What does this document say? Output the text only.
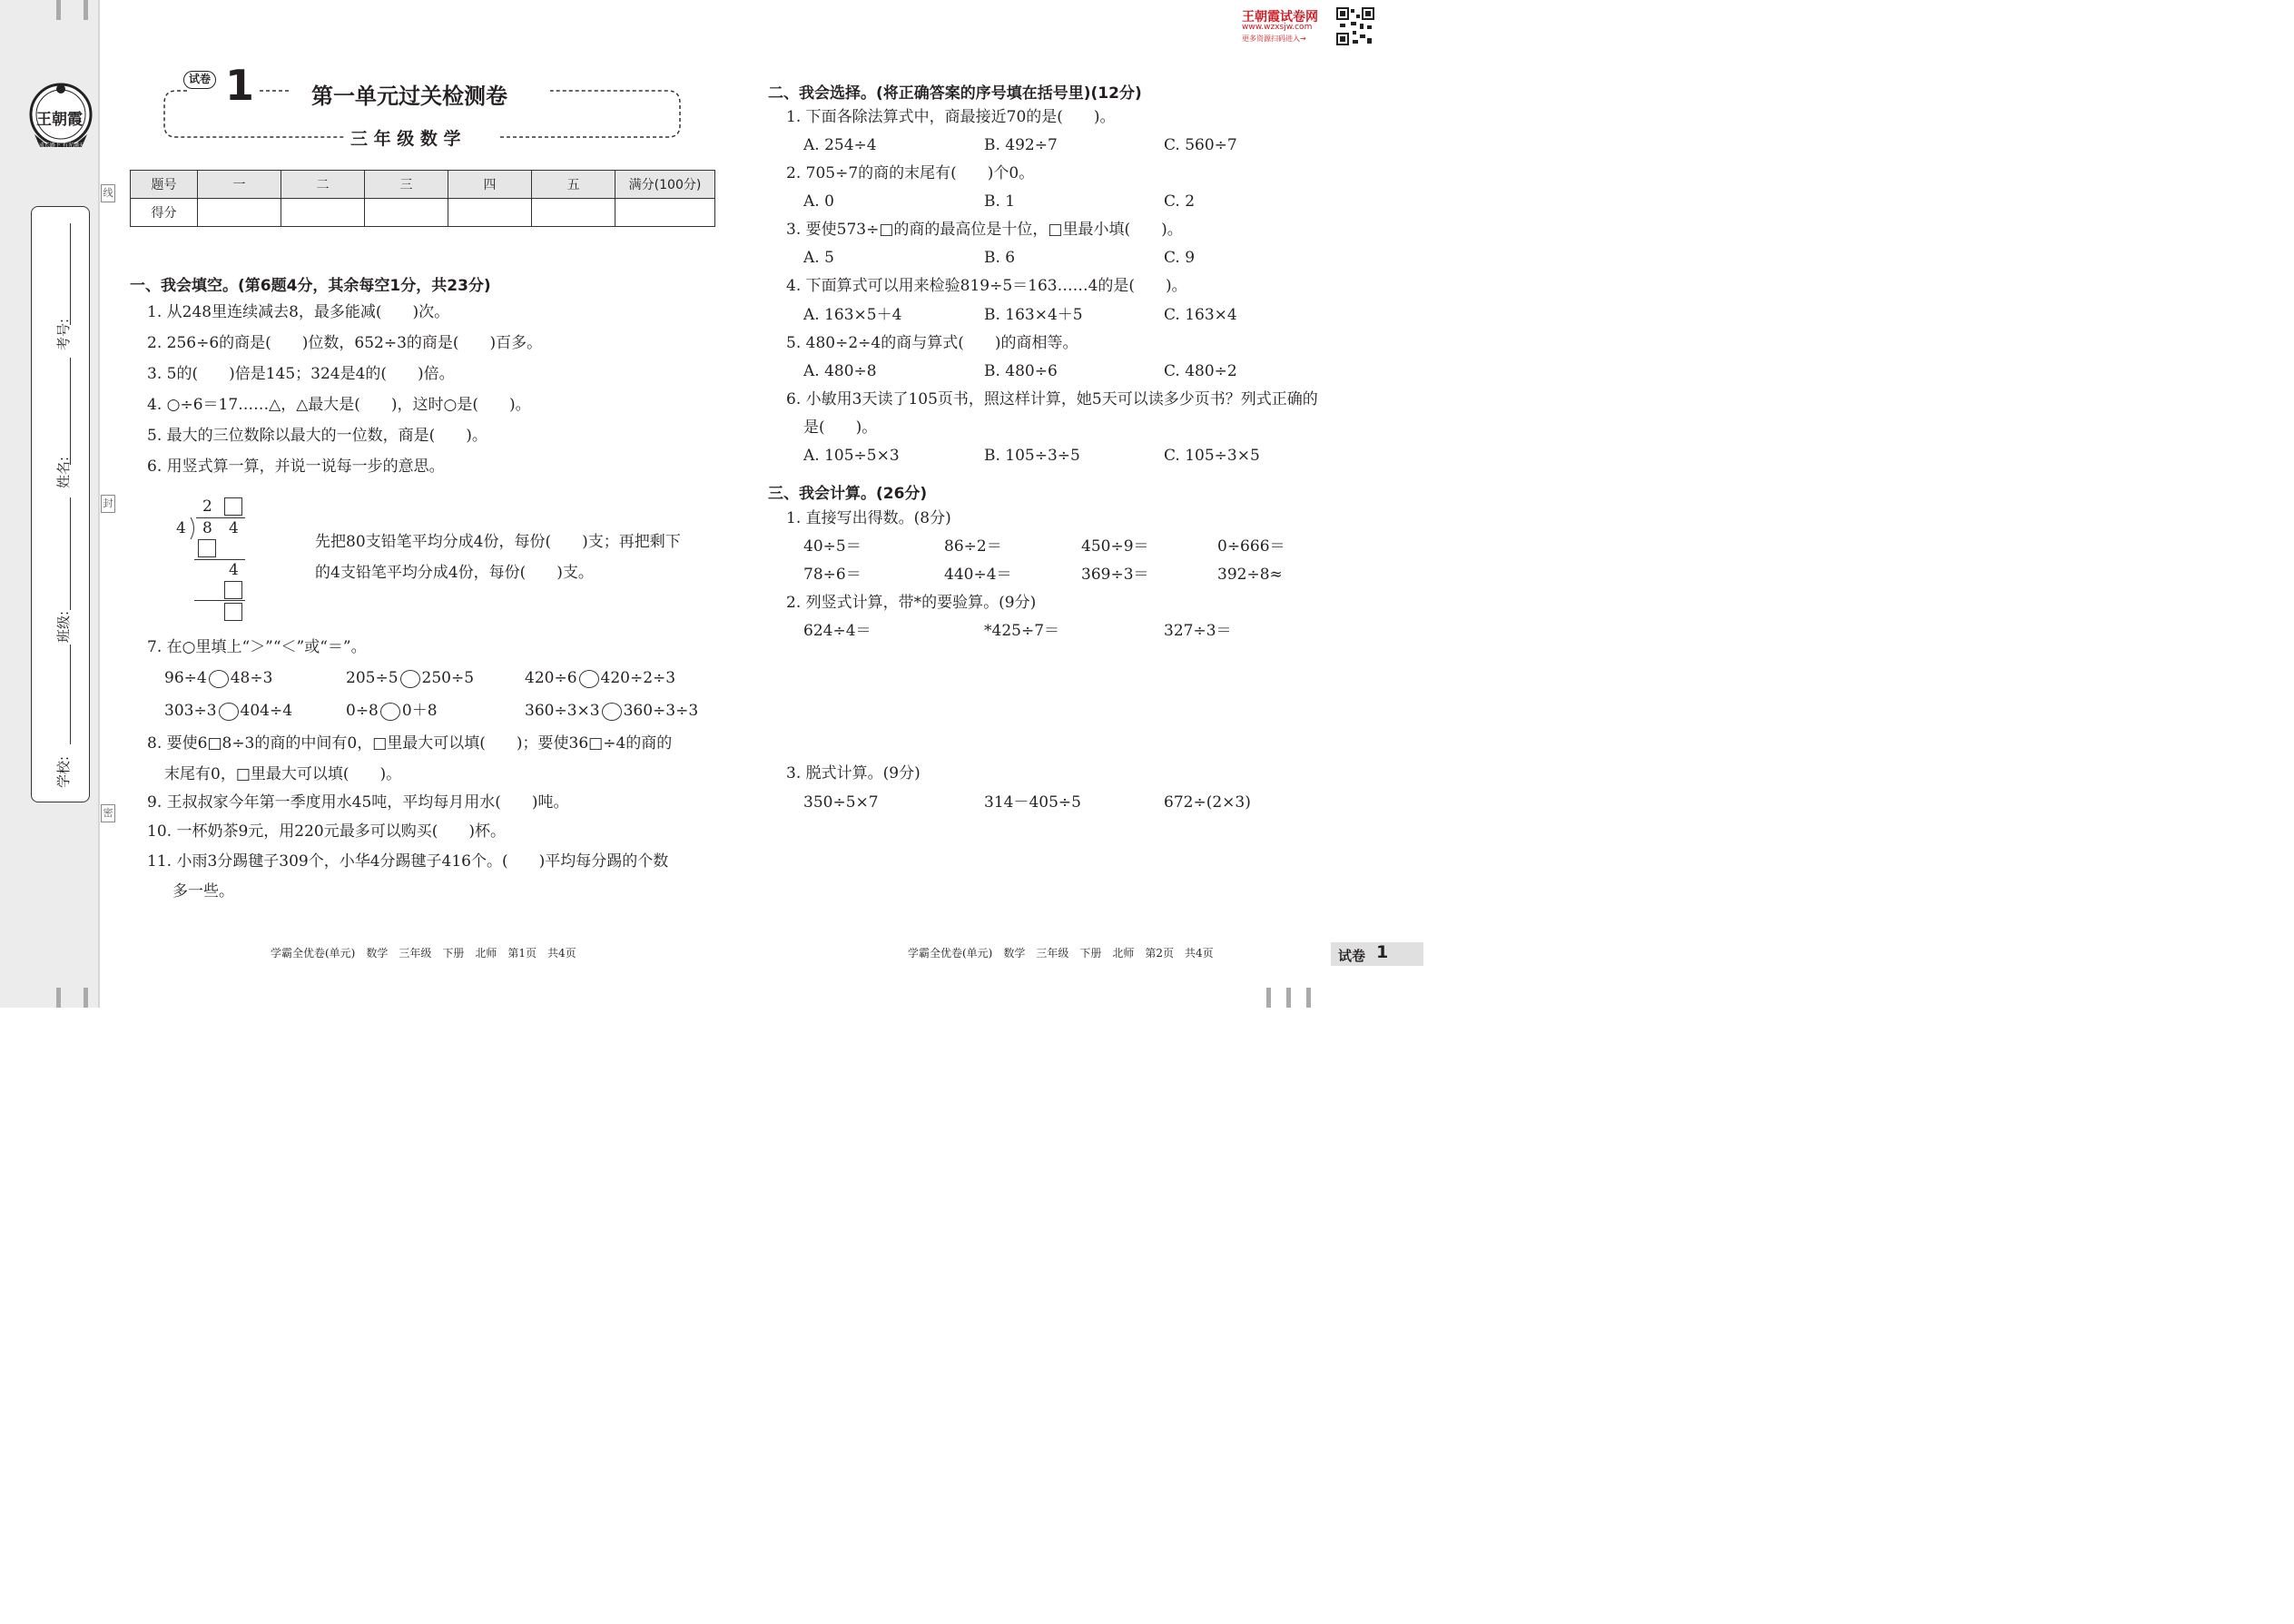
王朝霞
成长路上 有光满天
考号:
姓名:
班级:
学校:
线
封
密
王朝霞试卷网
www.wzxsjw.com
更多资源扫码进入→
试卷 1	第一单元过关检测卷
三 年 级 数 学
题号	一	二	三	四	五	满分(100分)
得分						
一、我会填空。(第6题4分，其余每空1分，共23分)
1. 从248里连续减去8，最多能减(　　)次。
2. 256÷6的商是(　　)位数，652÷3的商是(　　)百多。
3. 5的(　　)倍是145；324是4的(　　)倍。
4. ○÷6＝17……△，△最大是(　　)，这时○是(　　)。
5. 最大的三位数除以最大的一位数，商是(　　)。
6. 用竖式算一算，并说一说每一步的意思。
2
4 8 4
4
先把80支铅笔平均分成4份，每份(　　)支；再把剩下
的4支铅笔平均分成4份，每份(　　)支。
7. 在○里填上“＞”“＜”或“＝”。
96÷4 48÷3	205÷5 250÷5	420÷6 420÷2÷3
303÷3 404÷4	0÷8 0＋8	360÷3×3 360÷3÷3
8. 要使6□8÷3的商的中间有0，□里最大可以填(　　)；要使36□÷4的商的
末尾有0，□里最大可以填(　　)。
9. 王叔叔家今年第一季度用水45吨，平均每月用水(　　)吨。
10. 一杯奶茶9元，用220元最多可以购买(　　)杯。
11. 小雨3分踢毽子309个，小华4分踢毽子416个。(　　)平均每分踢的个数
多一些。
二、我会选择。(将正确答案的序号填在括号里)(12分)
1. 下面各除法算式中，商最接近70的是(　　)。
A. 254÷4	B. 492÷7	C. 560÷7
2. 705÷7的商的末尾有(　　)个0。
A. 0	B. 1	C. 2
3. 要使573÷□的商的最高位是十位，□里最小填(　　)。
A. 5	B. 6	C. 9
4. 下面算式可以用来检验819÷5＝163……4的是(　　)。
A. 163×5＋4	B. 163×4＋5	C. 163×4
5. 480÷2÷4的商与算式(　　)的商相等。
A. 480÷8	B. 480÷6	C. 480÷2
6. 小敏用3天读了105页书，照这样计算，她5天可以读多少页书？列式正确的
是(　　)。
A. 105÷5×3	B. 105÷3÷5	C. 105÷3×5
三、我会计算。(26分)
1. 直接写出得数。(8分)
40÷5＝	86÷2＝	450÷9＝	0÷666＝
78÷6＝	440÷4＝	369÷3＝	392÷8≈
2. 列竖式计算，带*的要验算。(9分)
624÷4＝	*425÷7＝	327÷3＝
3. 脱式计算。(9分)
350÷5×7	314－405÷5	672÷(2×3)
学霸全优卷(单元)　数学　三年级　下册　北师　第1页　共4页	学霸全优卷(单元)　数学　三年级　下册　北师　第2页　共4页	试卷 1
